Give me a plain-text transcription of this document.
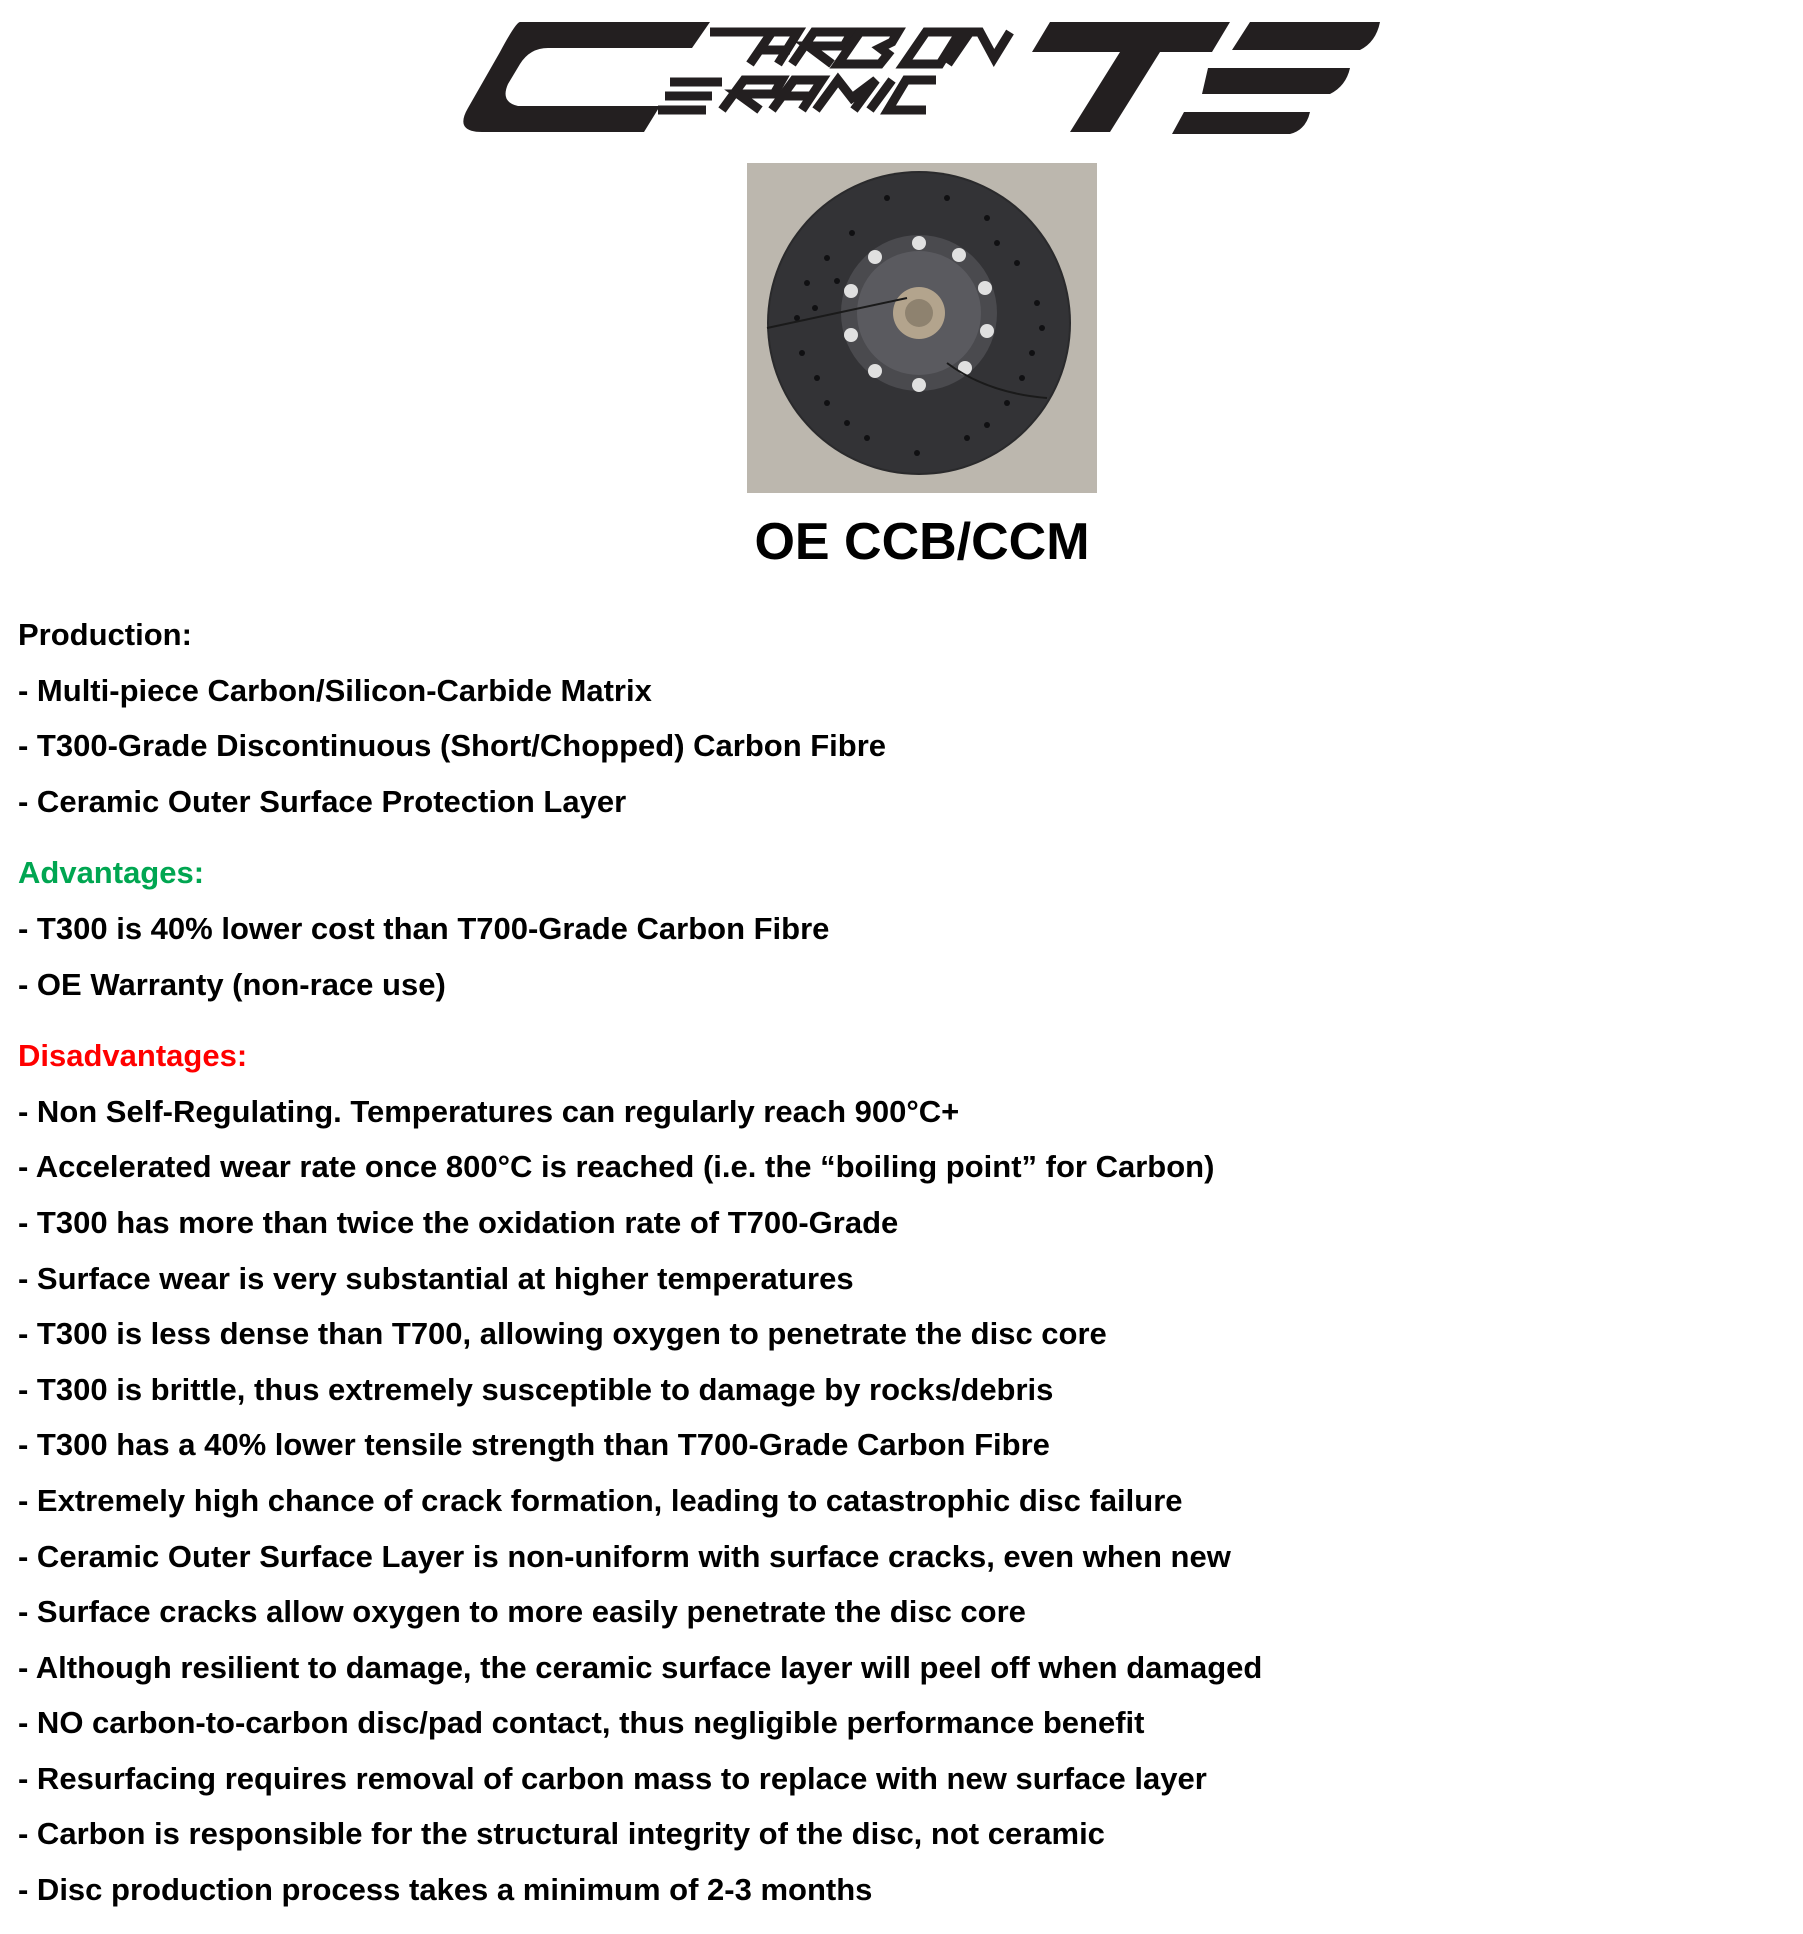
OE CCB/CCM
Production:
- Multi-piece Carbon/Silicon-Carbide Matrix
- T300-Grade Discontinuous (Short/Chopped) Carbon Fibre
- Ceramic Outer Surface Protection Layer
Advantages:
- T300 is 40% lower cost than T700-Grade Carbon Fibre
- OE Warranty (non-race use)
Disadvantages:
- Non Self-Regulating. Temperatures can regularly reach 900°C+
- Accelerated wear rate once 800°C is reached (i.e. the “boiling point” for Carbon)
- T300 has more than twice the oxidation rate of T700-Grade
- Surface wear is very substantial at higher temperatures
- T300 is less dense than T700, allowing oxygen to penetrate the disc core
- T300 is brittle, thus extremely susceptible to damage by rocks/debris
- T300 has a 40% lower tensile strength than T700-Grade Carbon Fibre
- Extremely high chance of crack formation, leading to catastrophic disc failure
- Ceramic Outer Surface Layer is non-uniform with surface cracks, even when new
- Surface cracks allow oxygen to more easily penetrate the disc core
- Although resilient to damage, the ceramic surface layer will peel off when damaged
- NO carbon-to-carbon disc/pad contact, thus negligible performance benefit
- Resurfacing requires removal of carbon mass to replace with new surface layer
- Carbon is responsible for the structural integrity of the disc, not ceramic
- Disc production process takes a minimum of 2-3 months
